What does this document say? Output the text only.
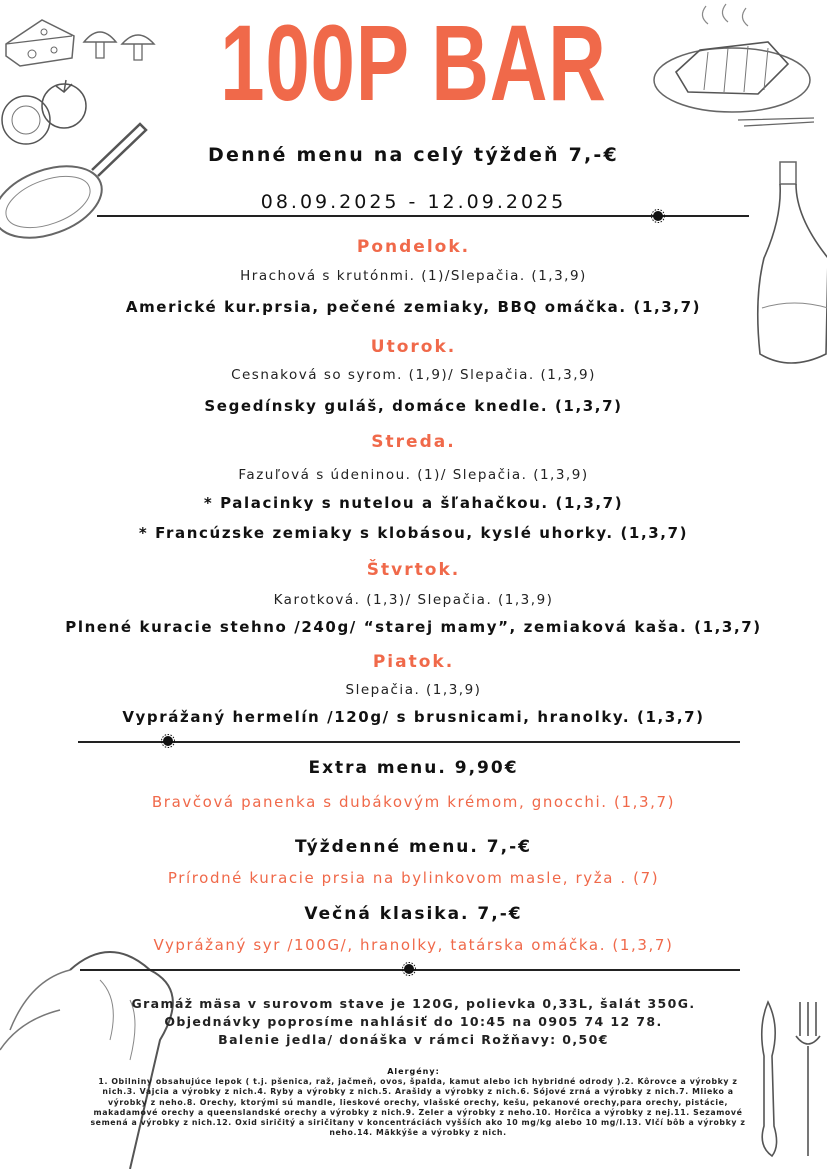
100P BAR
Denné menu na celý týždeň 7,-€
08.09.2025 - 12.09.2025
Pondelok.
Hrachová s krutónmi. (1)/Slepačia. (1,3,9)
Americké kur.prsia, pečené zemiaky, BBQ omáčka. (1,3,7)
Utorok.
Cesnaková so syrom. (1,9)/ Slepačia. (1,3,9)
Segedínsky guláš, domáce knedle. (1,3,7)
Streda.
Fazuľová s údeninou. (1)/ Slepačia. (1,3,9)
* Palacinky s nutelou a šľahačkou. (1,3,7)
* Francúzske zemiaky s klobásou, kyslé uhorky. (1,3,7)
Štvrtok.
Karotková. (1,3)/ Slepačia. (1,3,9)
Plnené kuracie stehno /240g/ “starej mamy”, zemiaková kaša. (1,3,7)
Piatok.
Slepačia. (1,3,9)
Vyprážaný hermelín /120g/ s brusnicami, hranolky. (1,3,7)
Extra menu. 9,90€
Bravčová panenka s dubákovým krémom, gnocchi. (1,3,7)
Týždenné menu. 7,-€
Prírodné kuracie prsia na bylinkovom masle, ryža . (7)
Večná klasika. 7,-€
Vyprážaný syr /100G/, hranolky, tatárska omáčka. (1,3,7)
Gramáž mäsa v surovom stave je 120G, polievka 0,33L, šalát 350G.
Objednávky poprosíme nahlásiť do 10:45 na 0905 74 12 78.
Balenie jedla/ donáška v rámci Rožňavy: 0,50€
Alergény:
1. Obilniny obsahujúce lepok ( t.j. pšenica, raž, jačmeň, ovos, špalda, kamut alebo ich hybridné odrody ).2. Kôrovce a výrobky z nich.3. Vajcia a výrobky z nich.4. Ryby a výrobky z nich.5. Arašidy a výrobky z nich.6. Sójové zrná a výrobky z nich.7. Mlieko a výrobky z neho.8. Orechy, ktorými sú mandle, lieskové orechy, vlašské orechy, kešu, pekanové orechy,para orechy, pistácie, makadamové orechy a queenslandské orechy a výrobky z nich.9. Zeler a výrobky z neho.10. Horčica a výrobky z nej.11. Sezamové semená a výrobky z nich.12. Oxid siričitý a siričitany v koncentráciách vyšších ako 10 mg/kg alebo 10 mg/l.13. Vlčí bôb a výrobky z neho.14. Mäkkýše a výrobky z nich.
